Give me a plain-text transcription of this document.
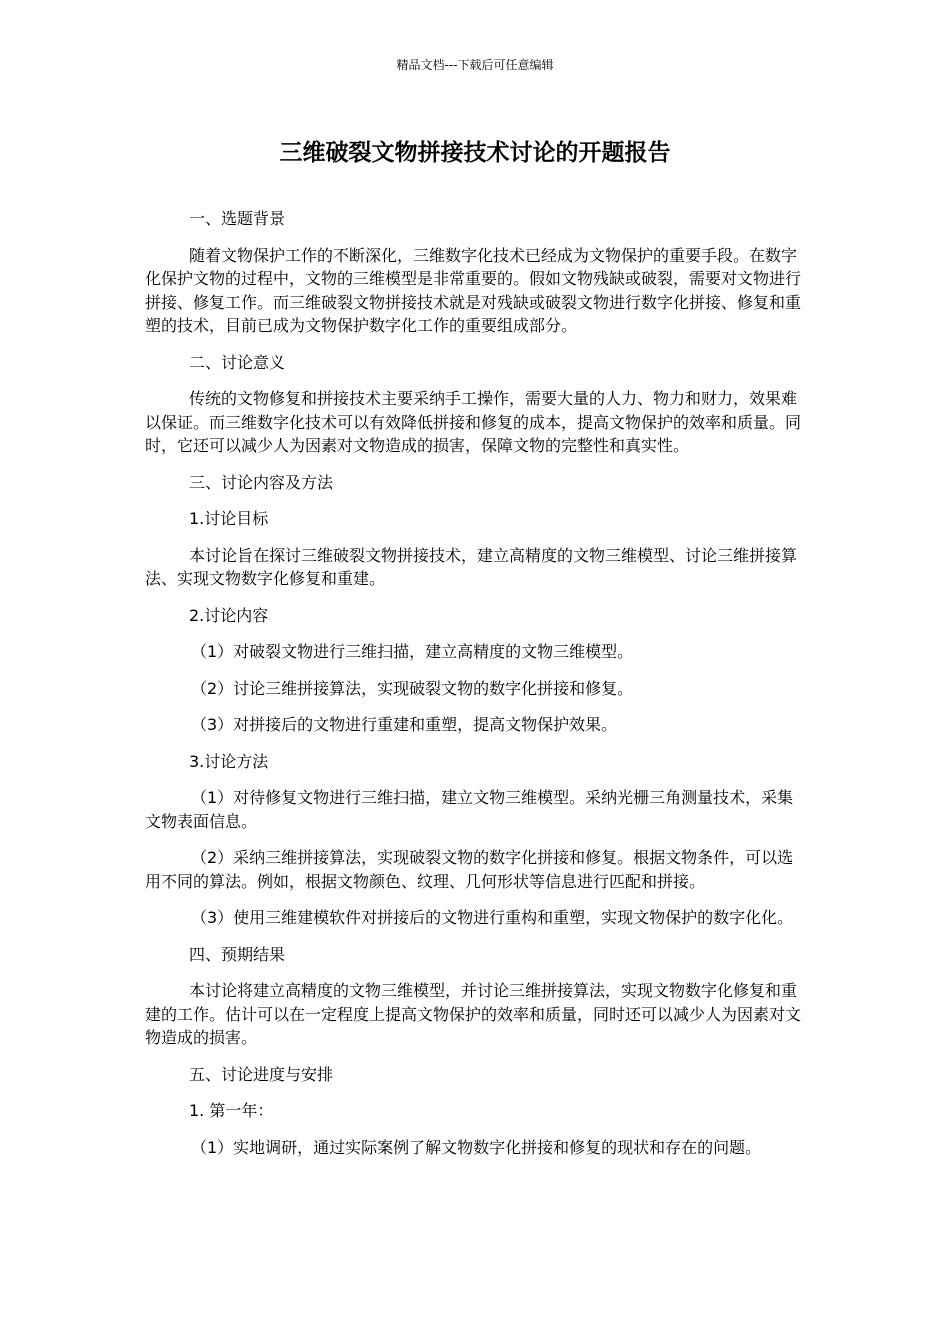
精品文档---下载后可任意编辑
三维破裂文物拼接技术讨论的开题报告

一、选题背景

随着文物保护工作的不断深化，三维数字化技术已经成为文物保护的重要手段。在数字化保护文物的过程中，文物的三维模型是非常重要的。假如文物残缺或破裂，需要对文物进行拼接、修复工作。而三维破裂文物拼接技术就是对残缺或破裂文物进行数字化拼接、修复和重塑的技术，目前已成为文物保护数字化工作的重要组成部分。

二、讨论意义

传统的文物修复和拼接技术主要采纳手工操作，需要大量的人力、物力和财力，效果难以保证。而三维数字化技术可以有效降低拼接和修复的成本，提高文物保护的效率和质量。同时，它还可以减少人为因素对文物造成的损害，保障文物的完整性和真实性。

三、讨论内容及方法

1.讨论目标

本讨论旨在探讨三维破裂文物拼接技术，建立高精度的文物三维模型、讨论三维拼接算法、实现文物数字化修复和重建。

2.讨论内容

（1）对破裂文物进行三维扫描，建立高精度的文物三维模型。

（2）讨论三维拼接算法，实现破裂文物的数字化拼接和修复。

（3）对拼接后的文物进行重建和重塑，提高文物保护效果。

3.讨论方法

（1）对待修复文物进行三维扫描，建立文物三维模型。采纳光栅三角测量技术，采集文物表面信息。

（2）采纳三维拼接算法，实现破裂文物的数字化拼接和修复。根据文物条件，可以选用不同的算法。例如，根据文物颜色、纹理、几何形状等信息进行匹配和拼接。

（3）使用三维建模软件对拼接后的文物进行重构和重塑，实现文物保护的数字化化。

四、预期结果

本讨论将建立高精度的文物三维模型，并讨论三维拼接算法，实现文物数字化修复和重建的工作。估计可以在一定程度上提高文物保护的效率和质量，同时还可以减少人为因素对文物造成的损害。

五、讨论进度与安排

1. 第一年：

（1）实地调研，通过实际案例了解文物数字化拼接和修复的现状和存在的问题。
